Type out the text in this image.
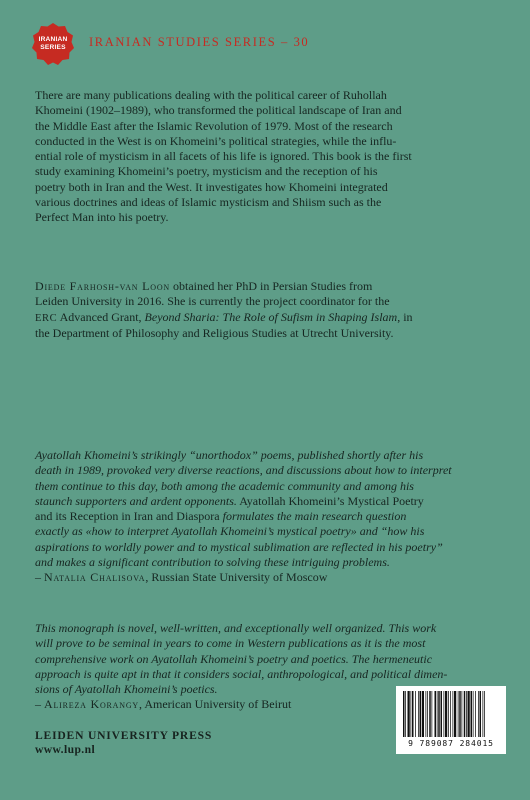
IRANIAN
SERIES	IRANIAN STUDIES SERIES – 30
There are many publications dealing with the political career of Ruhollah
Khomeini (1902–1989), who transformed the political landscape of Iran and
the Middle East after the Islamic Revolution of 1979. Most of the research
conducted in the West is on Khomeini’s political strategies, while the influ-
ential role of mysticism in all facets of his life is ignored. This book is the first
study examining Khomeini’s poetry, mysticism and the reception of his
poetry both in Iran and the West. It investigates how Khomeini integrated
various doctrines and ideas of Islamic mysticism and Shiism such as the
Perfect Man into his poetry.
Diede Farhosh-van Loon obtained her PhD in Persian Studies from
Leiden University in 2016. She is currently the project coordinator for the
ERC Advanced Grant, Beyond Sharia: The Role of Sufism in Shaping Islam, in
the Department of Philosophy and Religious Studies at Utrecht University.
Ayatollah Khomeini’s strikingly “unorthodox” poems, published shortly after his
death in 1989, provoked very diverse reactions, and discussions about how to interpret
them continue to this day, both among the academic community and among his
staunch supporters and ardent opponents. Ayatollah Khomeini’s Mystical Poetry
and its Reception in Iran and Diaspora formulates the main research question
exactly as «how to interpret Ayatollah Khomeini’s mystical poetry» and “how his
aspirations to worldly power and to mystical sublimation are reflected in his poetry”
and makes a significant contribution to solving these intriguing problems.
– Natalia Chalisova, Russian State University of Moscow
This monograph is novel, well-written, and exceptionally well organized. This work
will prove to be seminal in years to come in Western publications as it is the most
comprehensive work on Ayatollah Khomeini’s poetry and poetics. The hermeneutic
approach is quite apt in that it considers social, anthropological, and political dimen-
sions of Ayatollah Khomeini’s poetics.
– Alireza Korangy, American University of Beirut
LEIDEN UNIVERSITY PRESS
www.lup.nl	9 789087 284015
